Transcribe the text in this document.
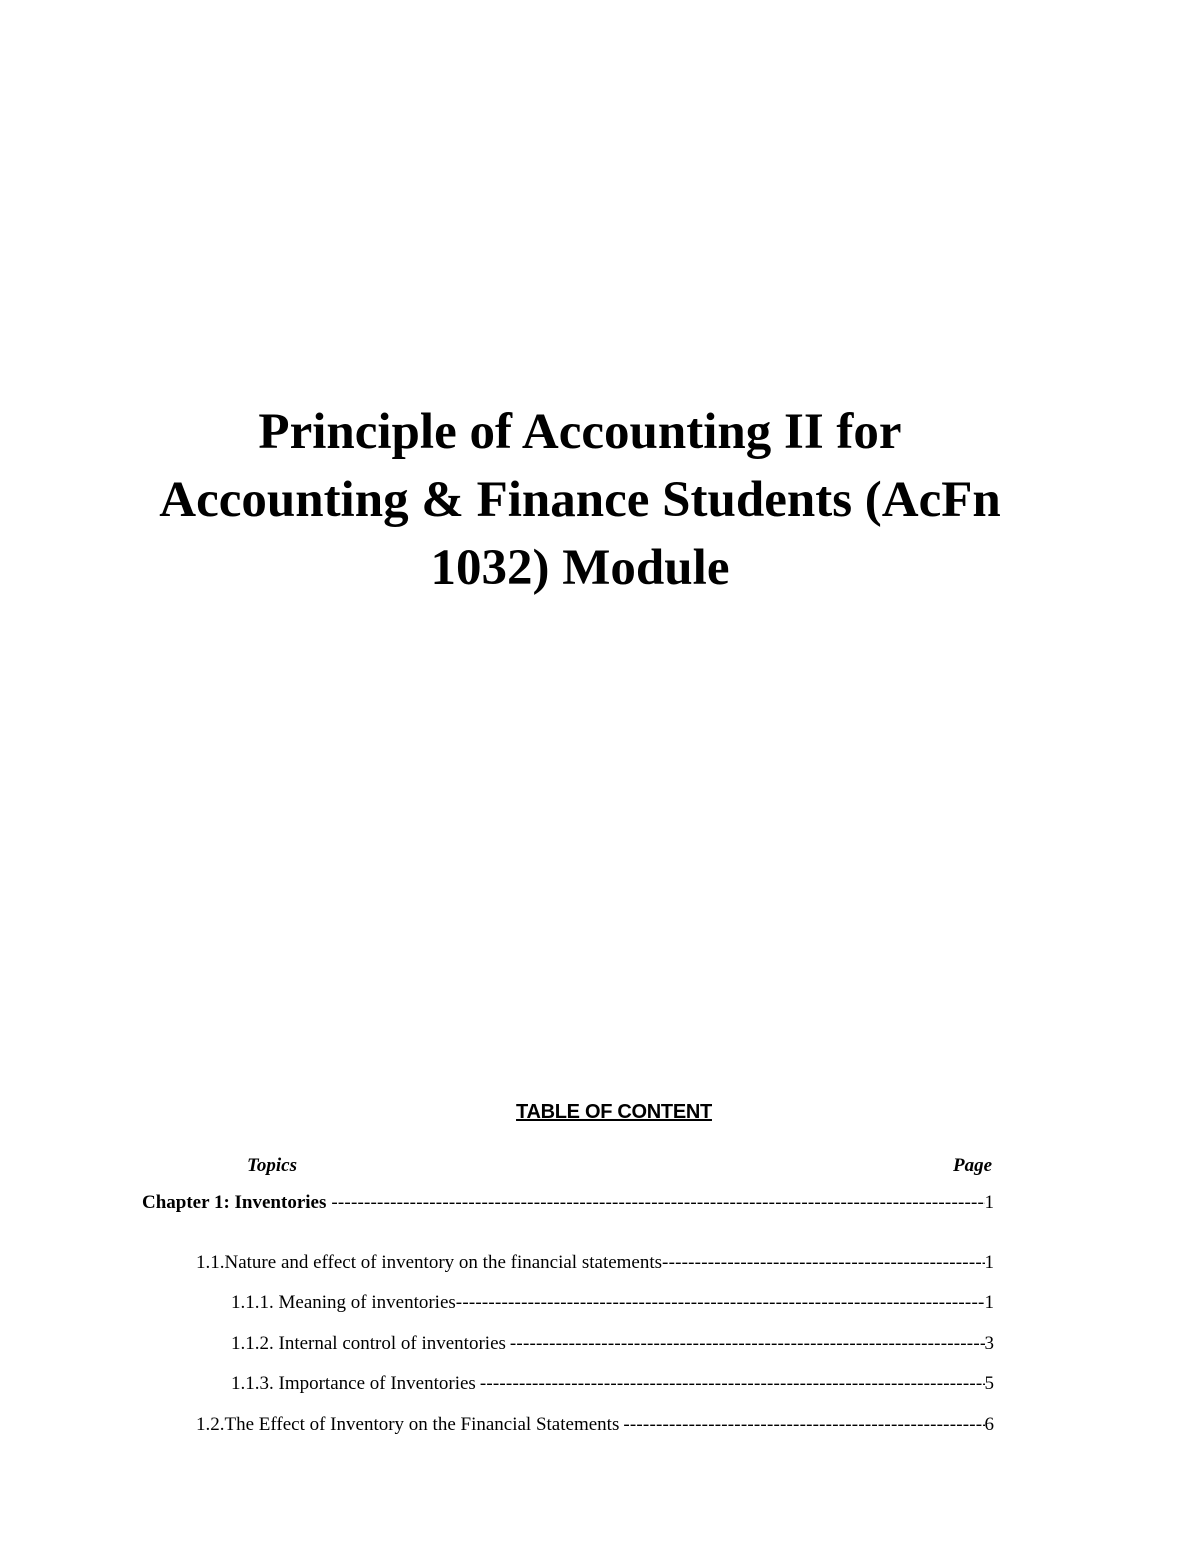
Principle of Accounting II for
Accounting & Finance Students (AcFn
1032) Module
TABLE OF CONTENT
Topics	Page
Chapter 1: Inventories -----	1
1.1.Nature and effect of inventory on the financial statements -----	1
1.1.1. Meaning of inventories -----	1
1.1.2. Internal control of inventories -----	3
1.1.3. Importance of Inventories -----	5
1.2.The Effect of Inventory on the Financial Statements -----	6
